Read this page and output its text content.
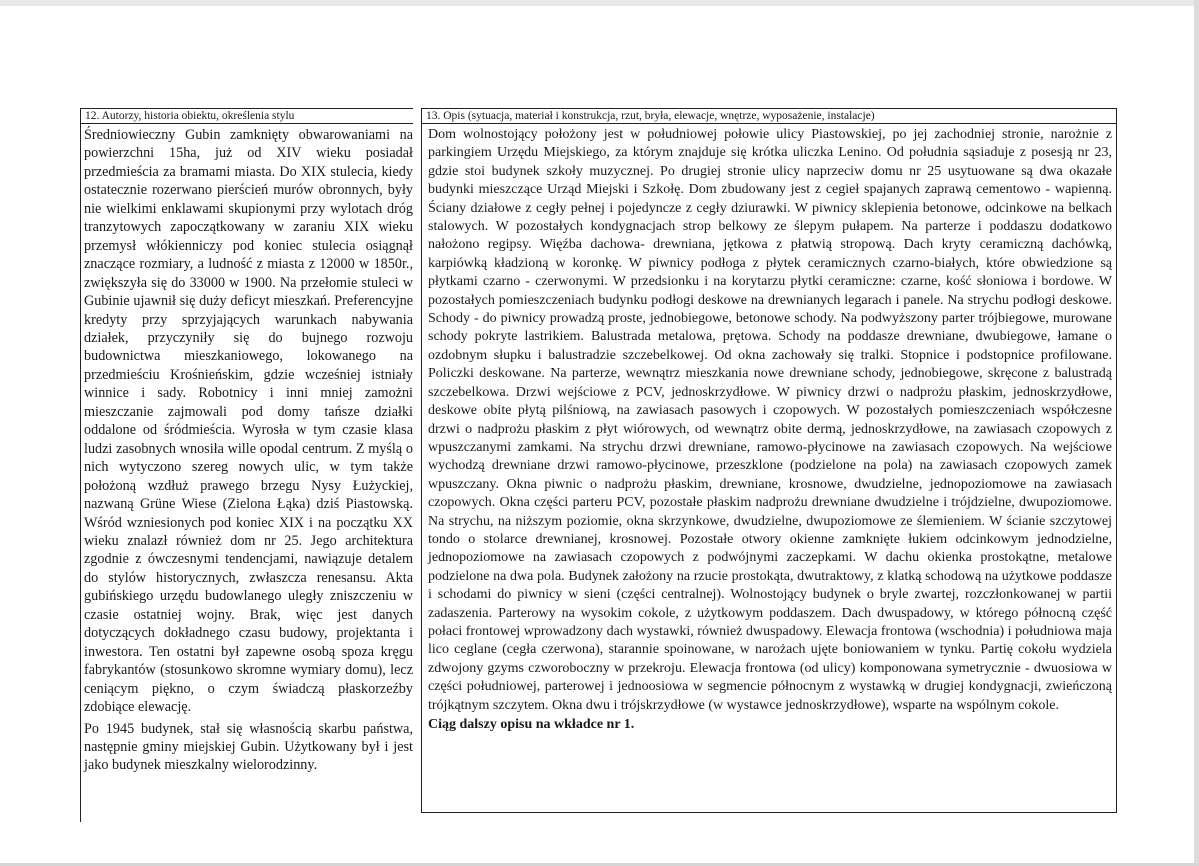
12. Autorzy, historia obiektu, określenia stylu

Średniowieczny Gubin zamknięty obwarowaniami na powierzchni 15ha, już od XIV wieku posiadał przedmieścia za bramami miasta. Do XIX stulecia, kiedy ostatecznie rozerwano pierścień murów obronnych, były nie wielkimi enklawami skupionymi przy wylotach dróg tranzytowych zapoczątkowany w zaraniu XIX wieku przemysł włókienniczy pod koniec stulecia osiągnął znaczące rozmiary, a ludność z miasta z 12000 w 1850r., zwiększyła się do 33000 w 1900. Na przełomie stuleci w Gubinie ujawnił się duży deficyt mieszkań. Preferencyjne kredyty przy sprzyjających warunkach nabywania działek, przyczyniły się do bujnego rozwoju budownictwa mieszkaniowego, lokowanego na przedmieściu Krośnieńskim, gdzie wcześniej istniały winnice i sady. Robotnicy i inni mniej zamożni mieszczanie zajmowali pod domy tańsze działki oddalone od śródmieścia. Wyrosła w tym czasie klasa ludzi zasobnych wnosiła wille opodal centrum. Z myślą o nich wytyczono szereg nowych ulic, w tym także położoną wzdłuż prawego brzegu Nysy Łużyckiej, nazwaną Grüne Wiese (Zielona Łąka) dziś Piastowską. Wśród wzniesionych pod koniec XIX i na początku XX wieku znalazł również dom nr 25. Jego architektura zgodnie z ówczesnymi tendencjami, nawiązuje detalem do stylów historycznych, zwłaszcza renesansu. Akta gubińskiego urzędu budowlanego uległy zniszczeniu w czasie ostatniej wojny. Brak, więc jest danych dotyczących dokładnego czasu budowy, projektanta i inwestora. Ten ostatni był zapewne osobą spoza kręgu fabrykantów (stosunkowo skromne wymiary domu), lecz ceniącym piękno, o czym świadczą płaskorzeźby zdobiące elewację.

Po 1945 budynek, stał się własnością skarbu państwa, następnie gminy miejskiej Gubin. Użytkowany był i jest jako budynek mieszkalny wielorodzinny.

13. Opis (sytuacja, materiał i konstrukcja, rzut, bryła, elewacje, wnętrze, wyposażenie, instalacje)

Dom wolnostojący położony jest w południowej połowie ulicy Piastowskiej, po jej zachodniej stronie, narożnie z parkingiem Urzędu Miejskiego, za którym znajduje się krótka uliczka Lenino. Od południa sąsiaduje z posesją nr 23, gdzie stoi budynek szkoły muzycznej. Po drugiej stronie ulicy naprzeciw domu nr 25 usytuowane są dwa okazałe budynki mieszczące Urząd Miejski i Szkołę. Dom zbudowany jest z cegieł spajanych zaprawą cementowo - wapienną. Ściany działowe z cegły pełnej i pojedyncze z cegły dziurawki. W piwnicy sklepienia betonowe, odcinkowe na belkach stalowych. W pozostałych kondygnacjach strop belkowy ze ślepym pułapem. Na parterze i poddaszu dodatkowo nałożono regipsy. Więźba dachowa- drewniana, jętkowa z płatwią stropową. Dach kryty ceramiczną dachówką, karpiówką kładzioną w koronkę. W piwnicy podłoga z płytek ceramicznych czarno-białych, które obwiedzione są płytkami czarno - czerwonymi. W przedsionku i na korytarzu płytki ceramiczne: czarne, kość słoniowa i bordowe. W pozostałych pomieszczeniach budynku podłogi deskowe na drewnianych legarach i panele. Na strychu podłogi deskowe. Schody - do piwnicy prowadzą proste, jednobiegowe, betonowe schody. Na podwyższony parter trójbiegowe, murowane schody pokryte lastrikiem. Balustrada metalowa, prętowa. Schody na poddasze drewniane, dwubiegowe, łamane o ozdobnym słupku i balustradzie szczebelkowej. Od okna zachowały się tralki. Stopnice i podstopnice profilowane. Policzki deskowane. Na parterze, wewnątrz mieszkania nowe drewniane schody, jednobiegowe, skręcone z balustradą szczebelkowa. Drzwi wejściowe z PCV, jednoskrzydłowe. W piwnicy drzwi o nadprożu płaskim, jednoskrzydłowe, deskowe obite płytą pilśniową, na zawiasach pasowych i czopowych. W pozostałych pomieszczeniach współczesne drzwi o nadprożu płaskim z płyt wiórowych, od wewnątrz obite dermą, jednoskrzydłowe, na zawiasach czopowych z wpuszczanymi zamkami. Na strychu drzwi drewniane, ramowo-płycinowe na zawiasach czopowych. Na wejściowe wychodzą drewniane drzwi ramowo-płycinowe, przeszklone (podzielone na pola) na zawiasach czopowych zamek wpuszczany. Okna piwnic o nadprożu płaskim, drewniane, krosnowe, dwudzielne, jednopoziomowe na zawiasach czopowych. Okna części parteru PCV, pozostałe płaskim nadprożu drewniane dwudzielne i trójdzielne, dwupoziomowe. Na strychu, na niższym poziomie, okna skrzynkowe, dwudzielne, dwupoziomowe ze ślemieniem. W ścianie szczytowej tondo o stolarce drewnianej, krosnowej. Pozostałe otwory okienne zamknięte łukiem odcinkowym jednodzielne, jednopoziomowe na zawiasach czopowych z podwójnymi zaczepkami. W dachu okienka prostokątne, metalowe podzielone na dwa pola. Budynek założony na rzucie prostokąta, dwutraktowy, z klatką schodową na użytkowe poddasze i schodami do piwnicy w sieni (części centralnej). Wolnostojący budynek o bryle zwartej, rozczłonkowanej w partii zadaszenia. Parterowy na wysokim cokole, z użytkowym poddaszem. Dach dwuspadowy, w którego północną część połaci frontowej wprowadzony dach wystawki, również dwuspadowy. Elewacja frontowa (wschodnia) i południowa maja lico ceglane (cegła czerwona), starannie spoinowane, w narożach ujęte boniowaniem w tynku. Partię cokołu wydziela zdwojony gzyms czworoboczny w przekroju. Elewacja frontowa (od ulicy) komponowana symetrycznie - dwuosiowa w części południowej, parterowej i jednoosiowa w segmencie północnym z wystawką w drugiej kondygnacji, zwieńczoną trójkątnym szczytem. Okna dwu i trójskrzydłowe (w wystawce jednoskrzydłowe), wsparte na wspólnym cokole.

Ciąg dalszy opisu na wkładce nr 1.
